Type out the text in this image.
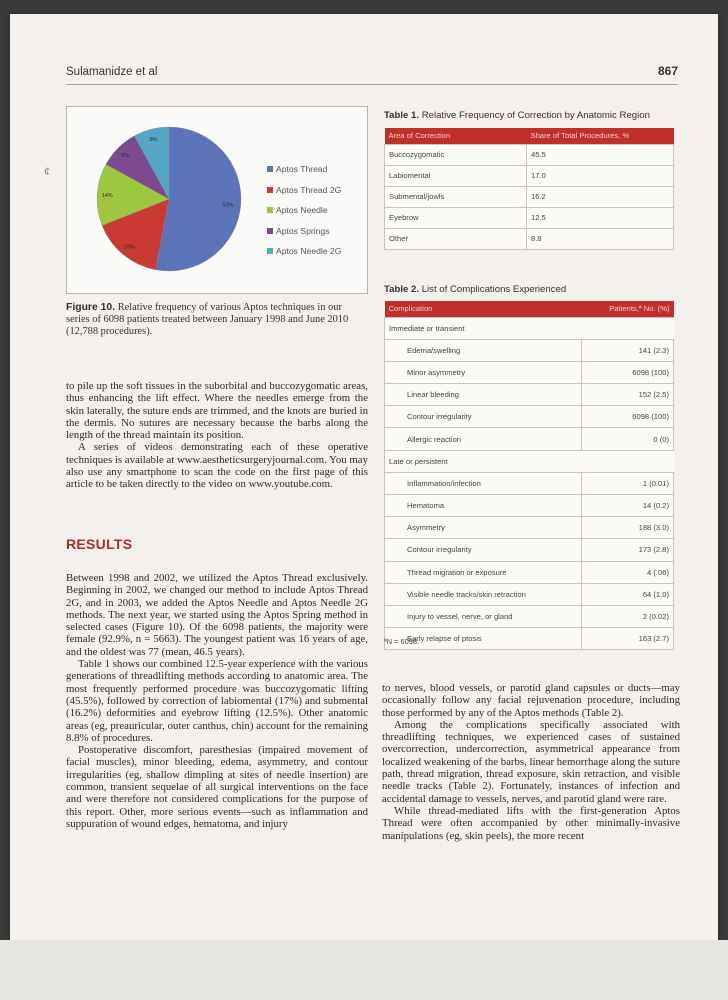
Sulamanidze et al	867
¢
53%
16%
14%
9%
8%
Aptos Thread
Aptos Thread 2G
Aptos Needle
Aptos Springs
Aptos Needle 2G
Figure 10. Relative frequency of various Aptos techniques in our series of 6098 patients treated between January 1998 and June 2010 (12,788 procedures).

to pile up the soft tissues in the suborbital and buccozygomatic areas, thus enhancing the lift effect. Where the needles emerge from the skin laterally, the suture ends are trimmed, and the knots are buried in the dermis. No sutures are necessary because the barbs along the length of the thread maintain its position.

A series of videos demonstrating each of these operative techniques is available at www.aestheticsurgeryjournal.com. You may also use any smartphone to scan the code on the first page of this article to be taken directly to the video on www.youtube.com.

RESULTS

Between 1998 and 2002, we utilized the Aptos Thread exclusively. Beginning in 2002, we changed our method to include Aptos Thread 2G, and in 2003, we added the Aptos Needle and Aptos Needle 2G methods. The next year, we started using the Aptos Spring method in selected cases (Figure 10). Of the 6098 patients, the majority were female (92.9%, n = 5663). The youngest patient was 16 years of age, and the oldest was 77 (mean, 46.5 years).

Table 1 shows our combined 12.5-year experience with the various generations of threadlifting methods according to anatomic area. The most frequently performed procedure was buccozygomatic lifting (45.5%), followed by correction of labiomental (17%) and submental (16.2%) deformities and eyebrow lifting (12.5%). Other anatomic areas (eg, preauricular, outer canthus, chin) account for the remaining 8.8% of procedures.

Postoperative discomfort, paresthesias (impaired movement of facial muscles), minor bleeding, edema, asymmetry, and contour irregularities (eg, shallow dimpling at sites of needle insertion) are common, transient sequelae of all surgical interventions on the face and were therefore not considered complications for the purpose of this report. Other, more serious events—such as inflammation and suppuration of wound edges, hematoma, and injury

Table 1. Relative Frequency of Correction by Anatomic Region
Area of Correction	Share of Total Procedures, %
Buccozygomatic	45.5
Labiomental	17.0
Submental/jowls	16.2
Eyebrow	12.5
Other	8.8
Table 2. List of Complications Experienced
Complication	Patients,ª No. (%)
Immediate or transient	
Edema/swelling	141 (2.3)
Minor asymmetry	6098 (100)
Linear bleeding	152 (2.5)
Contour irregularity	6098 (100)
Allergic reaction	0 (0)
Late or persistent	
Inflammation/infection	1 (0.01)
Hematoma	14 (0.2)
Asymmetry	188 (3.0)
Contour irregularity	173 (2.8)
Thread migration or exposure	4 (.06)
Visible needle tracks/skin retraction	64 (1.0)
Injury to vessel, nerve, or gland	2 (0.02)
Early relapse of ptosis	163 (2.7)
ªN = 6098.

to nerves, blood vessels, or parotid gland capsules or ducts—may occasionally follow any facial rejuvenation procedure, including those performed by any of the Aptos methods (Table 2).

Among the complications specifically associated with threadlifting techniques, we experienced cases of sustained overcorrection, undercorrection, asymmetrical appearance from localized weakening of the barbs, linear hemorrhage along the suture path, thread migration, thread exposure, skin retraction, and visible needle tracks (Table 2). Fortunately, instances of infection and accidental damage to vessels, nerves, and parotid gland were rare.

While thread-mediated lifts with the first-generation Aptos Thread were often accompanied by other minimally-invasive manipulations (eg, skin peels), the more recent
